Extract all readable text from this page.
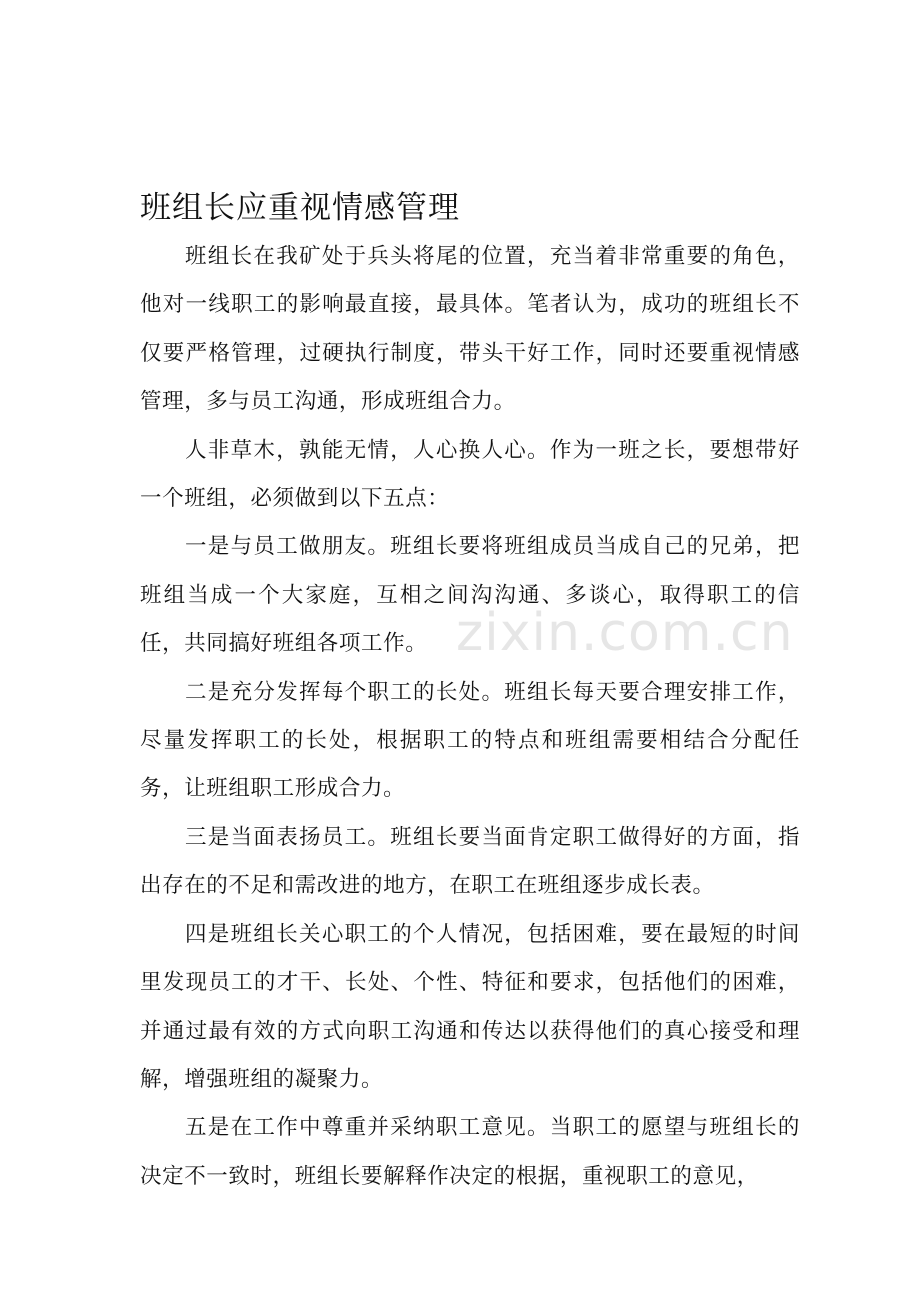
班组长应重视情感管理

班组长在我矿处于兵头将尾的位置，充当着非常重要的角色，他对一线职工的影响最直接，最具体。笔者认为，成功的班组长不仅要严格管理，过硬执行制度，带头干好工作，同时还要重视情感管理，多与员工沟通，形成班组合力。

人非草木，孰能无情，人心换人心。作为一班之长，要想带好一个班组，必须做到以下五点：

一是与员工做朋友。班组长要将班组成员当成自己的兄弟，把班组当成一个大家庭，互相之间沟沟通、多谈心，取得职工的信任，共同搞好班组各项工作。

二是充分发挥每个职工的长处。班组长每天要合理安排工作，尽量发挥职工的长处，根据职工的特点和班组需要相结合分配任务，让班组职工形成合力。

三是当面表扬员工。班组长要当面肯定职工做得好的方面，指出存在的不足和需改进的地方，在职工在班组逐步成长表。

四是班组长关心职工的个人情况，包括困难，要在最短的时间里发现员工的才干、长处、个性、特征和要求，包括他们的困难，并通过最有效的方式向职工沟通和传达以获得他们的真心接受和理解，增强班组的凝聚力。

五是在工作中尊重并采纳职工意见。当职工的愿望与班组长的决定不一致时，班组长要解释作决定的根据，重视职工的意见，

zixin.com.cn
